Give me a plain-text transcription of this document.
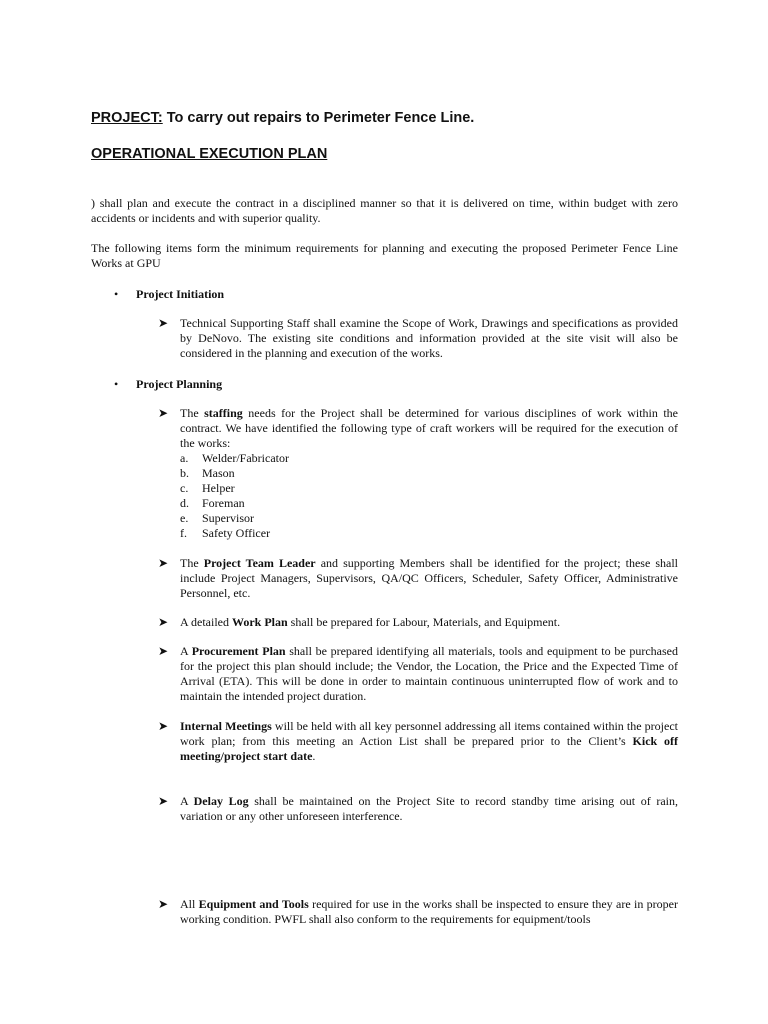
PROJECT: To carry out repairs to Perimeter Fence Line.
OPERATIONAL EXECUTION PLAN
) shall plan and execute the contract in a disciplined manner so that it is delivered on time, within budget with zero accidents or incidents and with superior quality.
The following items form the minimum requirements for planning and executing the proposed Perimeter Fence Line Works at GPU
• Project Initiation
➤ Technical Supporting Staff shall examine the Scope of Work, Drawings and specifications as provided by DeNovo. The existing site conditions and information provided at the site visit will also be considered in the planning and execution of the works.
• Project Planning
➤ The staffing needs for the Project shall be determined for various disciplines of work within the contract. We have identified the following type of craft workers will be required for the execution of the works:
a.	Welder/Fabricator
b.	Mason
c.	Helper
d.	Foreman
e.	Supervisor
f.	Safety Officer
➤ The Project Team Leader and supporting Members shall be identified for the project; these shall include Project Managers, Supervisors, QA/QC Officers, Scheduler, Safety Officer, Administrative Personnel, etc.
➤ A detailed Work Plan shall be prepared for Labour, Materials, and Equipment.
➤ A Procurement Plan shall be prepared identifying all materials, tools and equipment to be purchased for the project this plan should include; the Vendor, the Location, the Price and the Expected Time of Arrival (ETA). This will be done in order to maintain continuous uninterrupted flow of work and to maintain the intended project duration.
➤ Internal Meetings will be held with all key personnel addressing all items contained within the project work plan; from this meeting an Action List shall be prepared prior to the Client’s Kick off meeting/project start date.
➤ A Delay Log shall be maintained on the Project Site to record standby time arising out of rain, variation or any other unforeseen interference.
➤ All Equipment and Tools required for use in the works shall be inspected to ensure they are in proper working condition. PWFL shall also conform to the requirements for equipment/tools
